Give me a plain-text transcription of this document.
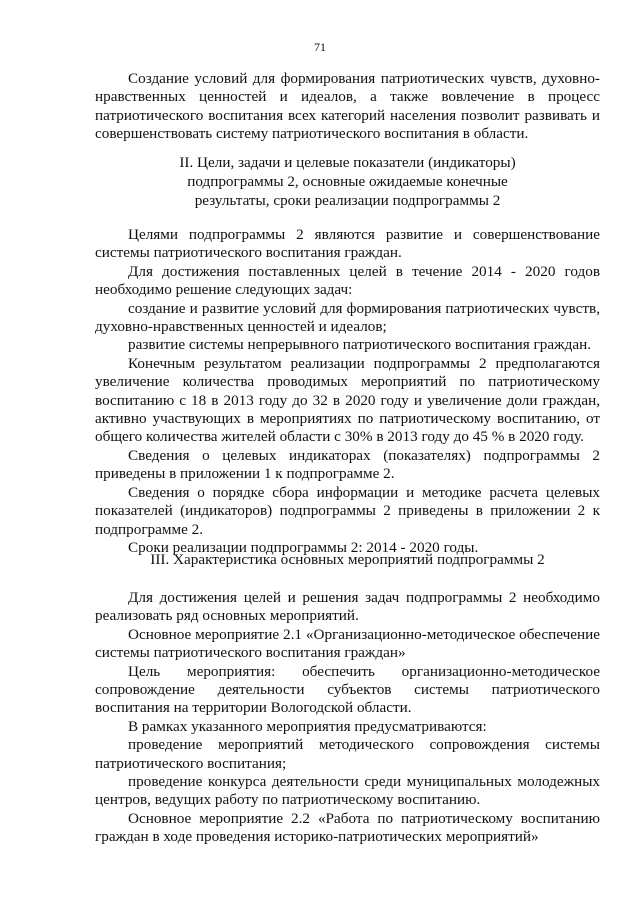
71

Создание условий для формирования патриотических чувств, духовно-нравственных ценностей и идеалов, а также вовлечение в процесс патриотического воспитания всех категорий населения позволит развивать и совершенствовать систему патриотического воспитания в области.

II. Цели, задачи и целевые показатели (индикаторы)
подпрограммы 2, основные ожидаемые конечные
результаты, сроки реализации подпрограммы 2

Целями подпрограммы 2 являются развитие и совершенствование системы патриотического воспитания граждан.

Для достижения поставленных целей в течение 2014 - 2020 годов необходимо решение следующих задач:

создание и развитие условий для формирования патриотических чувств, духовно-нравственных ценностей и идеалов;

развитие системы непрерывного патриотического воспитания граждан.

Конечным результатом реализации подпрограммы 2 предполагаются увеличение количества проводимых мероприятий по патриотическому воспитанию с 18 в 2013 году до 32 в 2020 году и увеличение доли граждан, активно участвующих в мероприятиях по патриотическому воспитанию, от общего количества жителей области с 30% в 2013 году до 45 % в 2020 году.

Сведения о целевых индикаторах (показателях) подпрограммы 2 приведены в приложении 1 к подпрограмме 2.

Сведения о порядке сбора информации и методике расчета целевых показателей (индикаторов) подпрограммы 2 приведены в приложении 2 к подпрограмме 2.

Сроки реализации подпрограммы 2: 2014 - 2020 годы.

III. Характеристика основных мероприятий подпрограммы 2

Для достижения целей и решения задач подпрограммы 2 необходимо реализовать ряд основных мероприятий.

Основное мероприятие 2.1 «Организационно-методическое обеспечение системы патриотического воспитания граждан»

Цель мероприятия: обеспечить организационно-методическое сопровождение деятельности субъектов системы патриотического воспитания на территории Вологодской области.

В рамках указанного мероприятия предусматриваются:

проведение мероприятий методического сопровождения системы патриотического воспитания;

проведение конкурса деятельности среди муниципальных молодежных центров, ведущих работу по патриотическому воспитанию.

Основное мероприятие 2.2 «Работа по патриотическому воспитанию граждан в ходе проведения историко-патриотических мероприятий»
